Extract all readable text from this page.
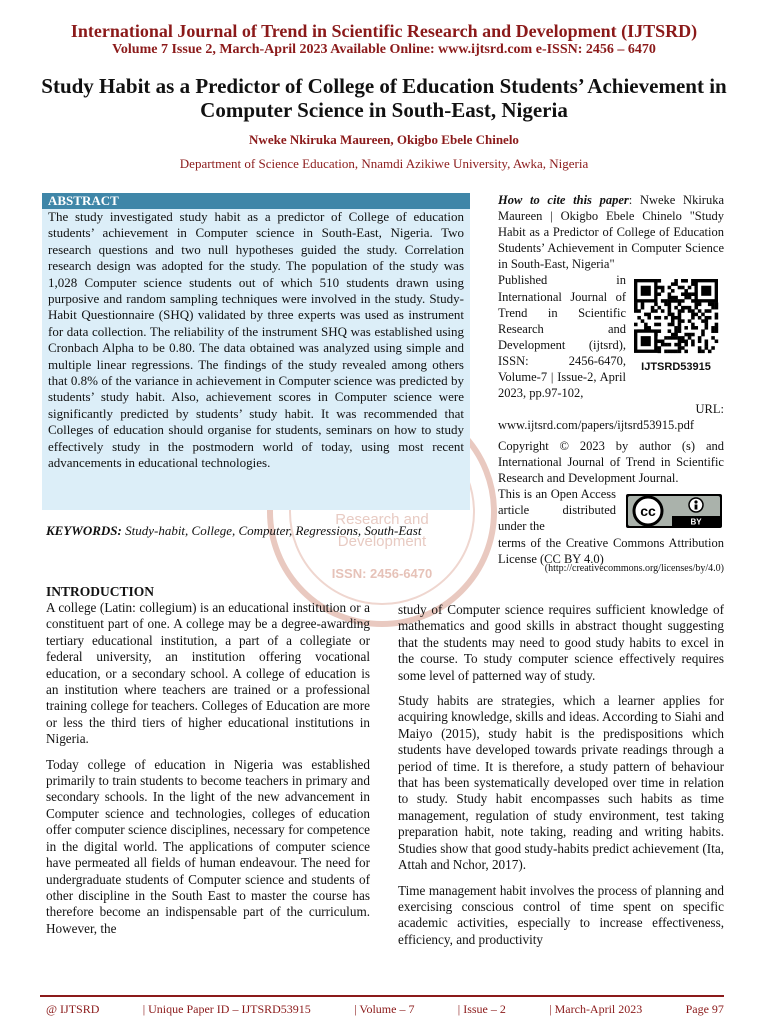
International Journal of Trend in Scientific Research and Development (IJTSRD)
Volume 7 Issue 2, March-April 2023 Available Online: www.ijtsrd.com e-ISSN: 2456 – 6470
Study Habit as a Predictor of College of Education Students’ Achievement in Computer Science in South-East, Nigeria
Nweke Nkiruka Maureen, Okigbo Ebele Chinelo
Department of Science Education, Nnamdi Azikiwe University, Awka, Nigeria
Research and
Development
ISSN: 2456-6470
ABSTRACT
The study investigated study habit as a predictor of College of education students’ achievement in Computer science in South-East, Nigeria. Two research questions and two null hypotheses guided the study. Correlation research design was adopted for the study. The population of the study was 1,028 Computer science students out of which 510 students drawn using purposive and random sampling techniques were involved in the study. Study-Habit Questionnaire (SHQ) validated by three experts was used as instrument for data collection. The reliability of the instrument SHQ was established using Cronbach Alpha to be 0.80. The data obtained was analyzed using simple and multiple linear regressions. The findings of the study revealed among others that 0.8% of the variance in achievement in Computer science was predicted by students’ study habit. Also, achievement scores in Computer science were significantly predicted by students’ study habit. It was recommended that Colleges of education should organise for students, seminars on how to study effectively study in the postmodern world of today, using most recent advancements in educational technologies.
KEYWORDS: Study-habit, College, Computer, Regressions, South-East
How to cite this paper: Nweke Nkiruka Maureen | Okigbo Ebele Chinelo "Study Habit as a Predictor of College of Education Students’ Achievement in Computer Science in South-East, Nigeria"
Published in International Journal of Trend in Scientific Research and Development (ijtsrd), ISSN: 2456-6470, Volume-7 | Issue-2, April 2023, pp.97-102,
URL:
www.ijtsrd.com/papers/ijtsrd53915.pdf
IJTSRD53915
Copyright © 2023 by author (s) and International Journal of Trend in Scientific Research and Development Journal.
This is an Open Access article distributed under the
terms of the Creative Commons Attribution License (CC BY 4.0)
cc
BY
(http://creativecommons.org/licenses/by/4.0)
INTRODUCTION

A college (Latin: collegium) is an educational institution or a constituent part of one. A college may be a degree-awarding tertiary educational institution, a part of a collegiate or federal university, an institution offering vocational education, or a secondary school. A college of education is an institution where teachers are trained or a professional training college for teachers. Colleges of Education are more or less the third tiers of higher educational institutions in Nigeria.

Today college of education in Nigeria was established primarily to train students to become teachers in primary and secondary schools. In the light of the new advancement in Computer science and technologies, colleges of education offer computer science disciplines, necessary for competence in the digital world. The applications of computer science have permeated all fields of human endeavour. The need for undergraduate students of Computer science and students of other discipline in the South East to master the course has therefore become an indispensable part of the curriculum. However, the

study of Computer science requires sufficient knowledge of mathematics and good skills in abstract thought suggesting that the students may need to good study habits to excel in the course. To study computer science effectively requires some level of patterned way of study.

Study habits are strategies, which a learner applies for acquiring knowledge, skills and ideas. According to Siahi and Maiyo (2015), study habit is the predispositions which students have developed towards private readings through a period of time. It is therefore, a study pattern of behaviour that has been systematically developed over time in relation to study. Study habit encompasses such habits as time management, regulation of study environment, test taking preparation habit, note taking, reading and writing habits. Studies show that good study-habits predict achievement (Ita, Attah and Nchor, 2017).

Time management habit involves the process of planning and exercising conscious control of time spent on specific academic activities, especially to increase effectiveness, efficiency, and productivity

@ IJTSRD	| Unique Paper ID – IJTSRD53915	| Volume – 7	| Issue – 2	| March-April 2023	Page 97
